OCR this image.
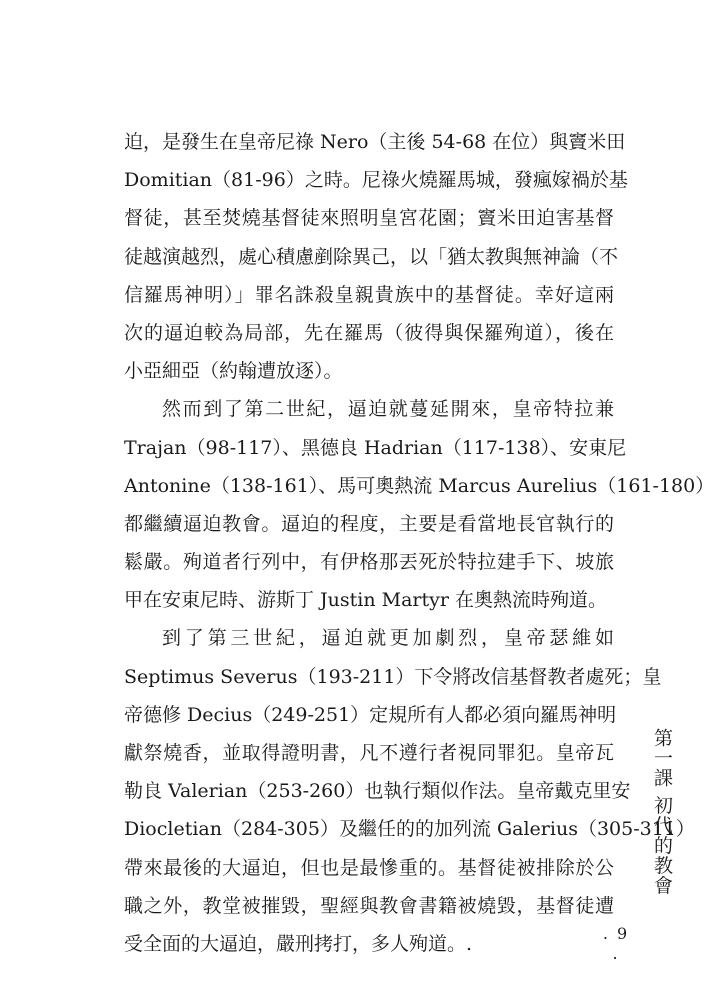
迫，是發生在皇帝尼祿 Nero（主後 54-68 在位）與竇米田
Domitian（81-96）之時。尼祿火燒羅馬城，發瘋嫁禍於基
督徒，甚至焚燒基督徒來照明皇宮花園；竇米田迫害基督
徒越演越烈，處心積慮剷除異己，以「猶太教與無神論（不
信羅馬神明）」罪名誅殺皇親貴族中的基督徒。幸好這兩
次的逼迫較為局部，先在羅馬（彼得與保羅殉道），後在
小亞細亞（約翰遭放逐）。
然而到了第二世紀，逼迫就蔓延開來，皇帝特拉兼
Trajan（98-117）、黑德良 Hadrian（117-138）、安東尼
Antonine（138-161）、馬可奧熱流 Marcus Aurelius（161-180）
都繼續逼迫教會。逼迫的程度，主要是看當地長官執行的
鬆嚴。殉道者行列中，有伊格那丟死於特拉建手下、坡旅
甲在安東尼時、游斯丁 Justin Martyr 在奧熱流時殉道。
到了第三世紀，逼迫就更加劇烈，皇帝瑟維如
Septimus Severus（193-211）下令將改信基督教者處死；皇
帝德修 Decius（249-251）定規所有人都必須向羅馬神明
獻祭燒香，並取得證明書，凡不遵行者視同罪犯。皇帝瓦
勒良 Valerian（253-260）也執行類似作法。皇帝戴克里安
Diocletian（284-305）及繼任的的加列流 Galerius（305-311）
帶來最後的大逼迫，但也是最慘重的。基督徒被排除於公
職之外，教堂被摧毀，聖經與教會書籍被燒毀，基督徒遭
受全面的大逼迫，嚴刑拷打，多人殉道。.
第一課 初代的教會
. 9 .
